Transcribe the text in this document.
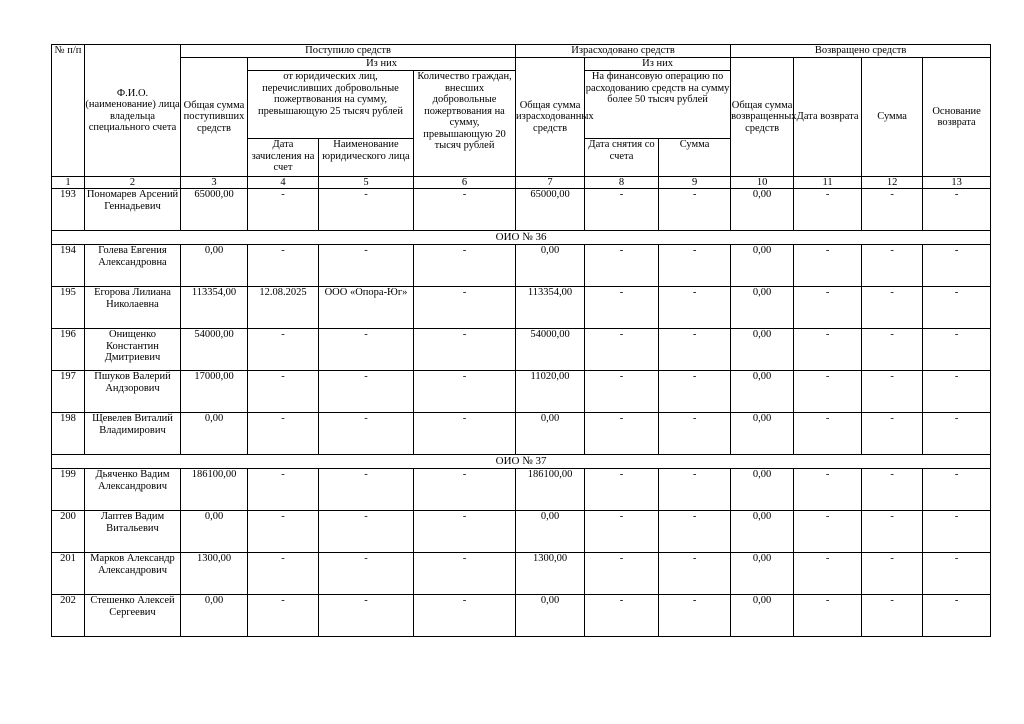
№ п/п	Ф.И.О. (наименование) лица владельца специального счета	Поступило средств				Израсходовано средств			Возвращено средств			
		Общая сумма поступивших средств	Из них			Общая сумма израсходованных средств	Из них		Общая сумма возвращенных средств	Дата возврата	Сумма	Основание возврата
			от юридических лиц, перечисливших добровольные пожертвования на сумму, превышающую 25 тысяч рублей		Количество граждан, внесших добровольные пожертвования на сумму, превышающую 20 тысяч рублей		На финансовую операцию по расходованию средств на сумму более 50 тысяч рублей					
			Дата зачисления на счет	Наименование юридического лица			Дата снятия со счета	Сумма				
1	2	3	4	5	6	7	8	9	10	11	12	13
193	Пономарев Арсений Геннадьевич	65000,00	-	-	-	65000,00	-	-	0,00	-	-	-
ОИО № 36												
194	Голева Евгения Александровна	0,00	-	-	-	0,00	-	-	0,00	-	-	-
195	Егорова Лилиана Николаевна	113354,00	12.08.2025	ООО «Опора-Юг»	-	113354,00	-	-	0,00	-	-	-
196	Онищенко Константин Дмитриевич	54000,00	-	-	-	54000,00	-	-	0,00	-	-	-
197	Пшуков Валерий Андзорович	17000,00	-	-	-	11020,00	-	-	0,00	-	-	-
198	Щевелев Виталий Владимирович	0,00	-	-	-	0,00	-	-	0,00	-	-	-
ОИО № 37												
199	Дьяченко Вадим Александрович	186100,00	-	-	-	186100,00	-	-	0,00	-	-	-
200	Лаптев Вадим Витальевич	0,00	-	-	-	0,00	-	-	0,00	-	-	-
201	Марков Александр Александрович	1300,00	-	-	-	1300,00	-	-	0,00	-	-	-
202	Стешенко Алексей Сергеевич	0,00	-	-	-	0,00	-	-	0,00	-	-	-
